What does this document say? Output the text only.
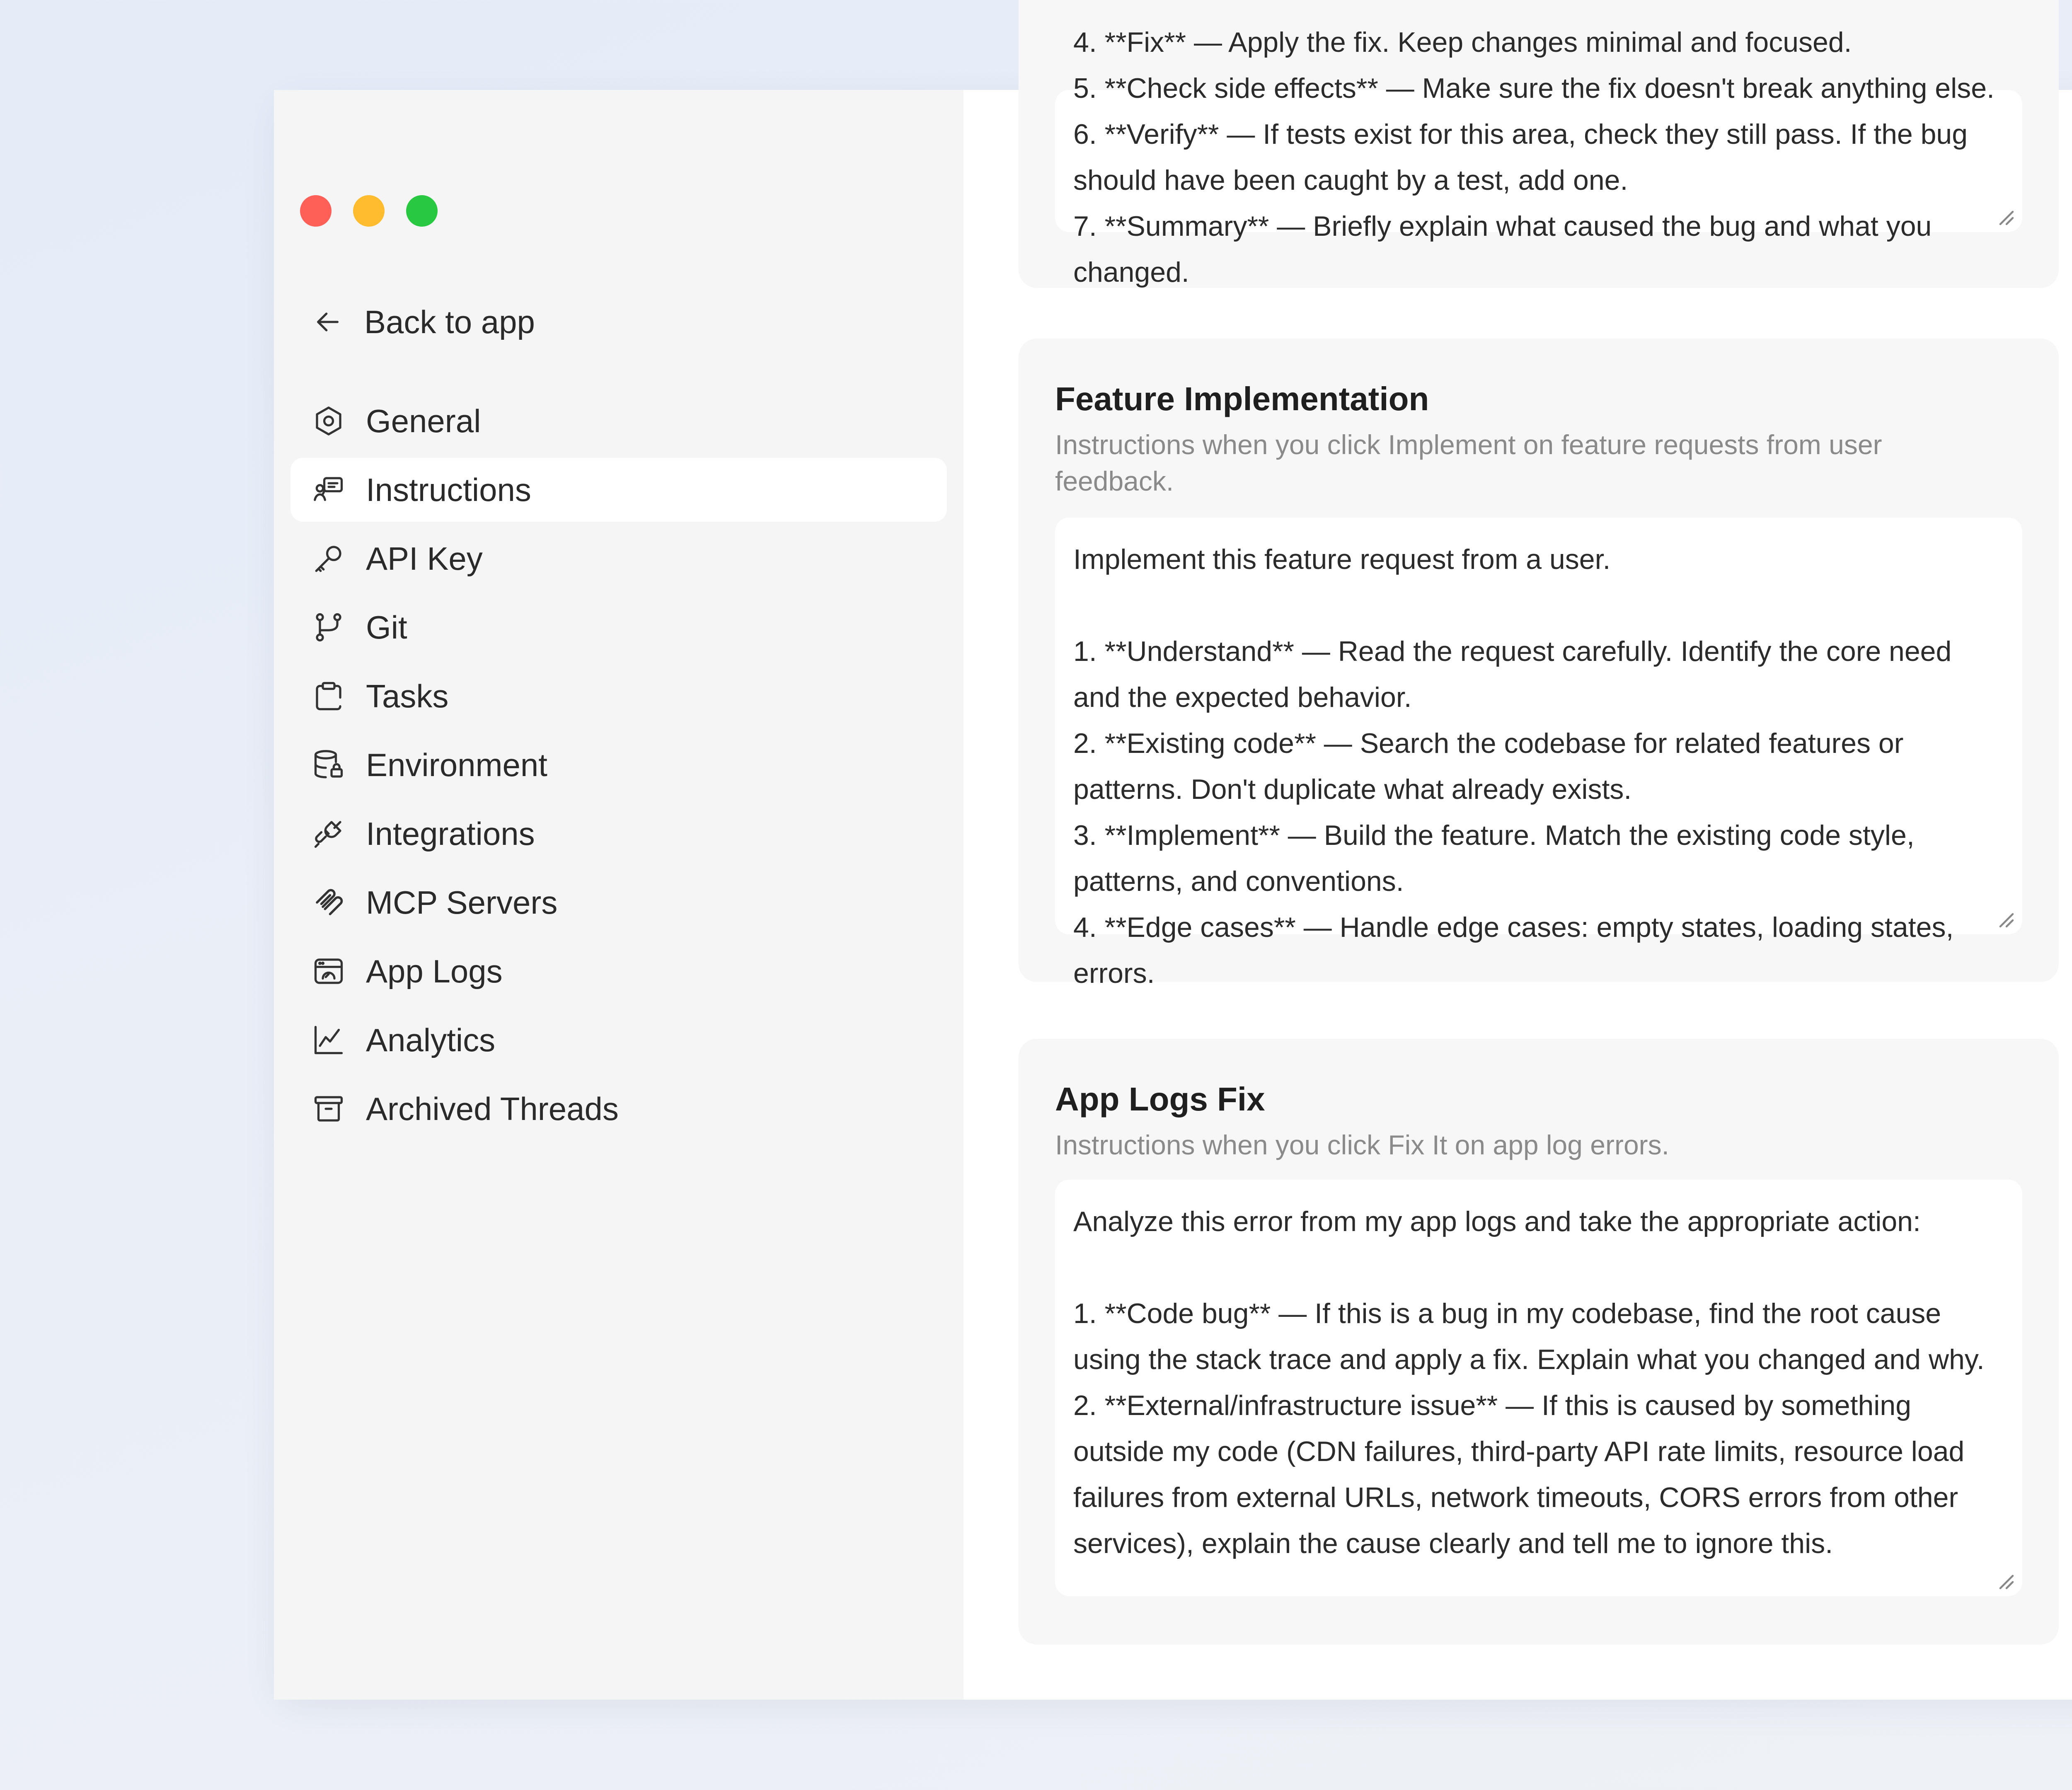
Back to app
General
Instructions
API Key
Git
Tasks
Environment
Integrations
MCP Servers
App Logs
Analytics
Archived Threads
4. **Fix** — Apply the fix. Keep changes minimal and focused.
5. **Check side effects** — Make sure the fix doesn't break anything else.
6. **Verify** — If tests exist for this area, check they still pass. If the bug should have been caught by a test, add one.
7. **Summary** — Briefly explain what caused the bug and what you changed.
Feature Implementation
Instructions when you click Implement on feature requests from user feedback.
Implement this feature request from a user.

1. **Understand** — Read the request carefully. Identify the core need and the expected behavior.
2. **Existing code** — Search the codebase for related features or patterns. Don't duplicate what already exists.
3. **Implement** — Build the feature. Match the existing code style, patterns, and conventions.
4. **Edge cases** — Handle edge cases: empty states, loading states, errors.
App Logs Fix
Instructions when you click Fix It on app log errors.
Analyze this error from my app logs and take the appropriate action:

1. **Code bug** — If this is a bug in my codebase, find the root cause using the stack trace and apply a fix. Explain what you changed and why.
2. **External/infrastructure issue** — If this is caused by something outside my code (CDN failures, third-party API rate limits, resource load failures from external URLs, network timeouts, CORS errors from other services), explain the cause clearly and tell me to ignore this.
